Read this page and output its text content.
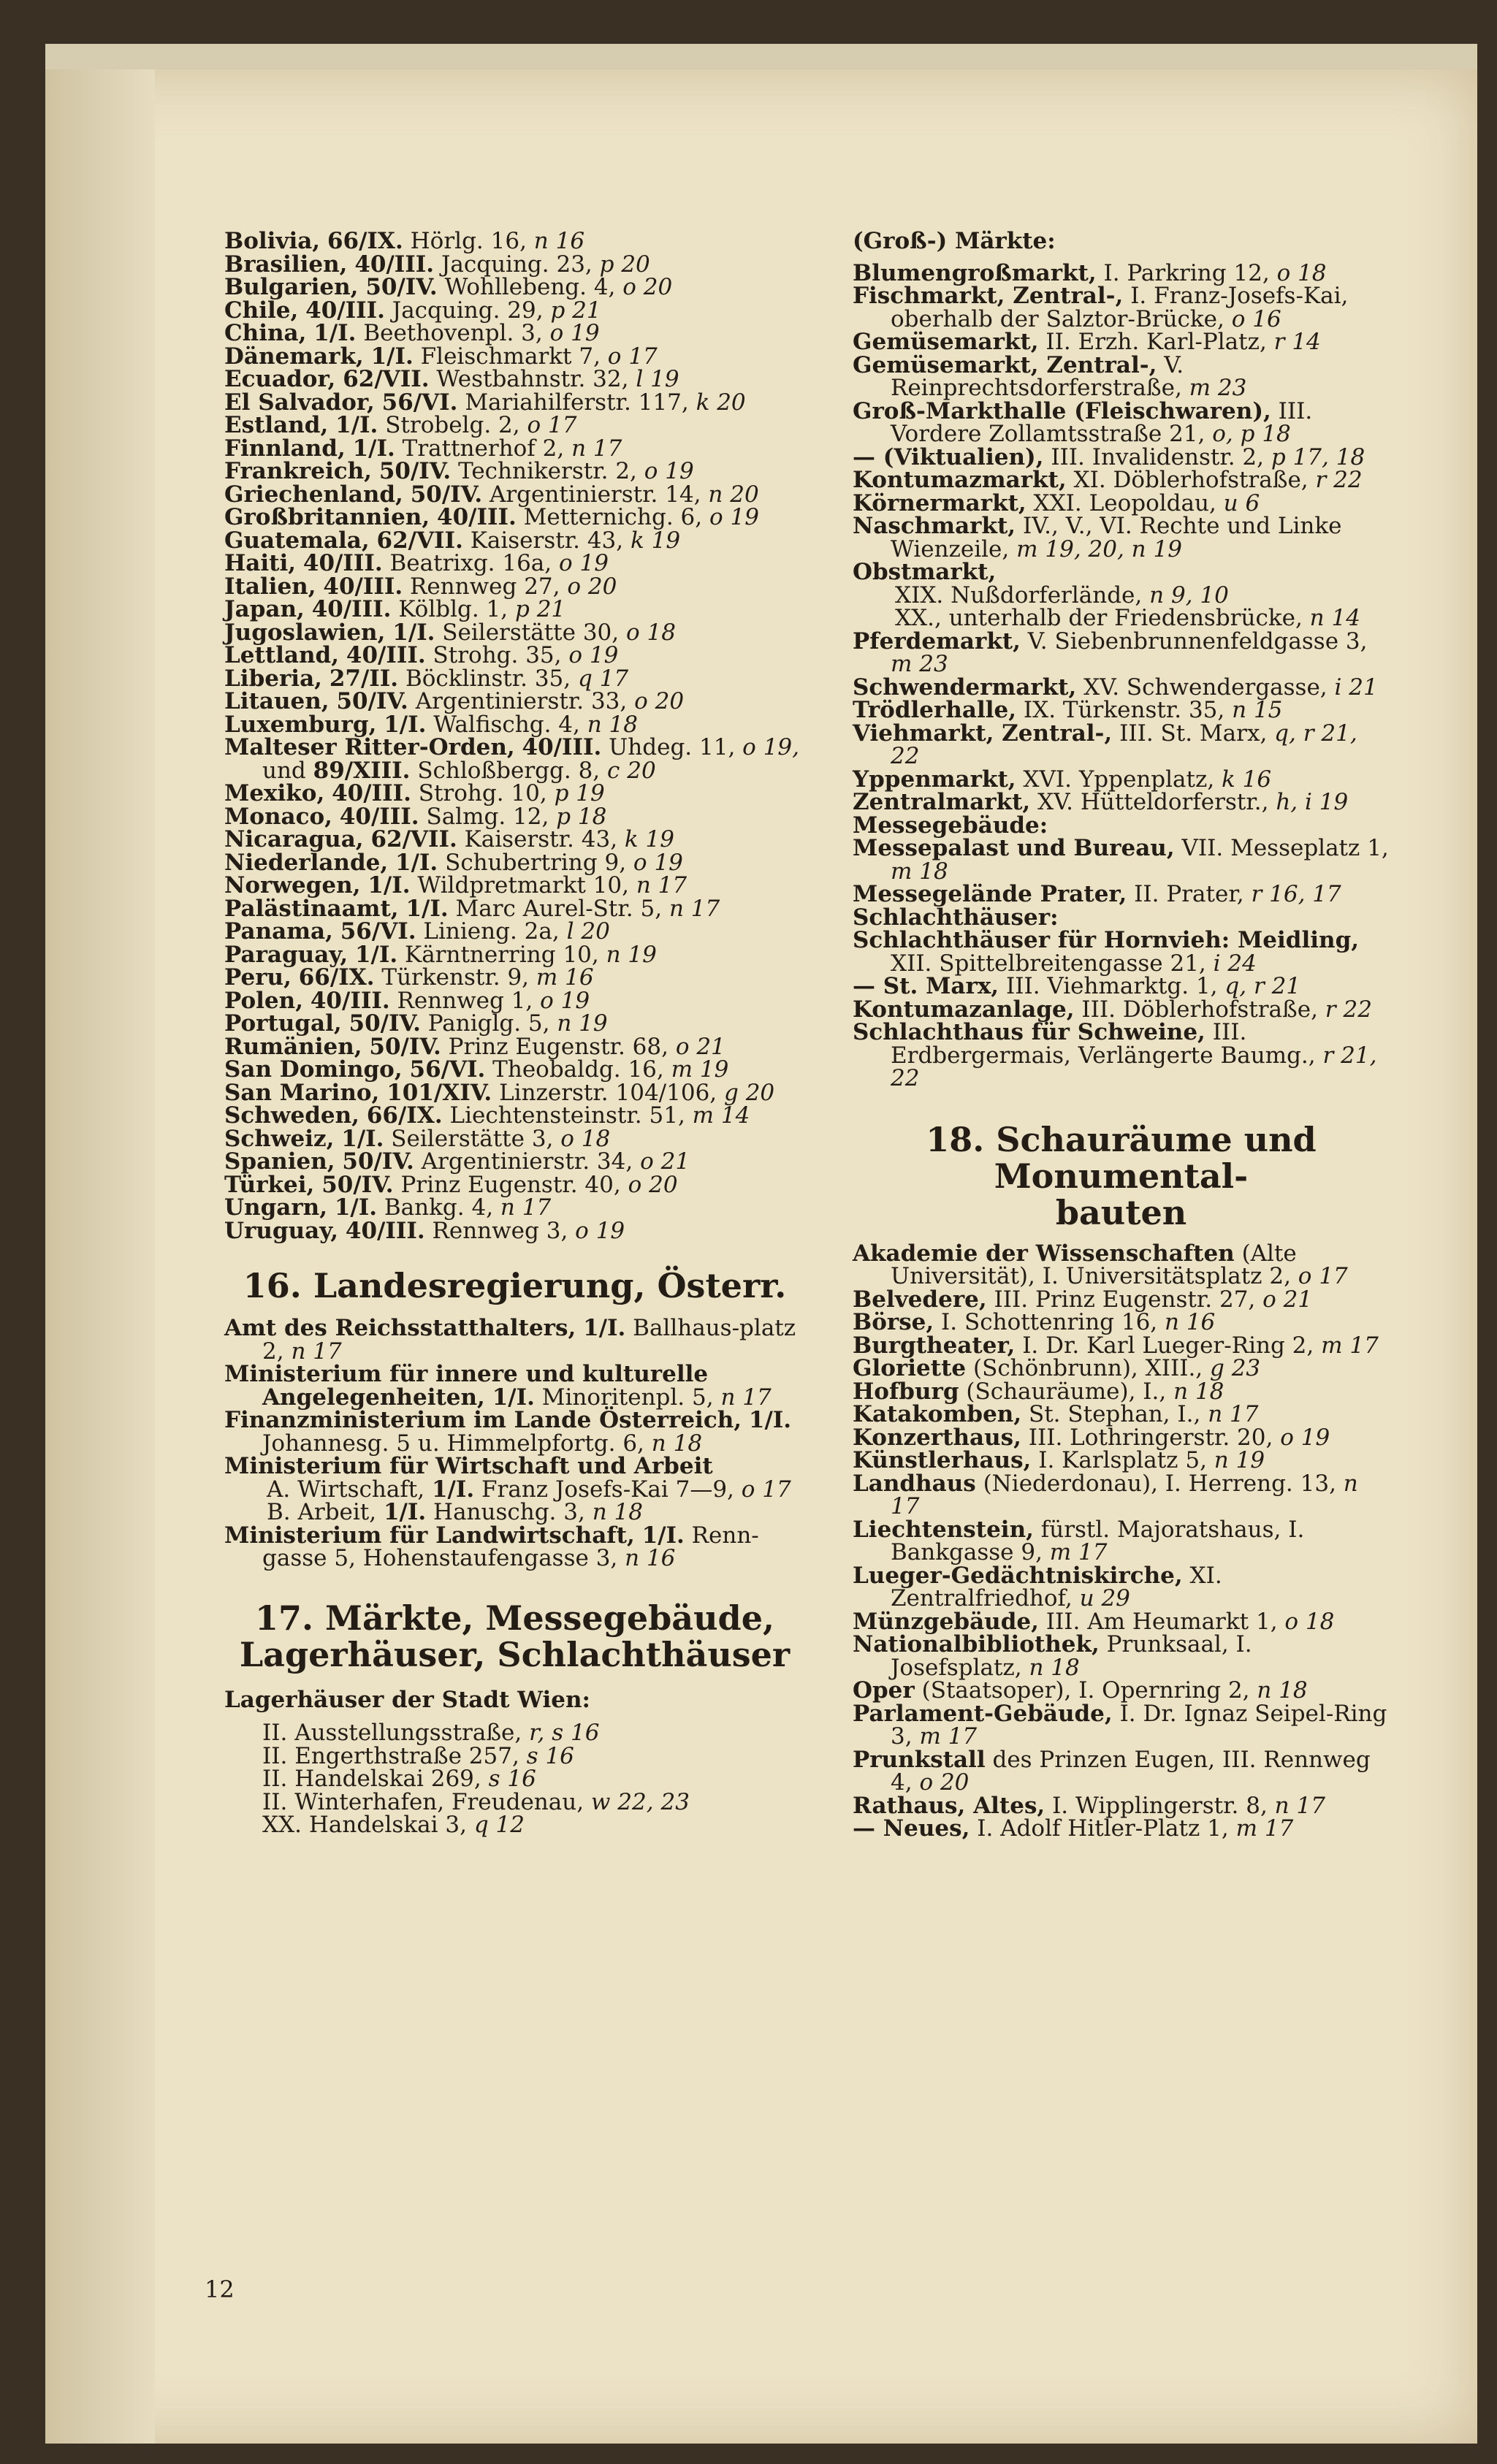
Bolivia, 66/IX. Hörlg. 16, n 16

Brasilien, 40/III. Jacquing. 23, p 20

Bulgarien, 50/IV. Wohllebeng. 4, o 20

Chile, 40/III. Jacquing. 29, p 21

China, 1/I. Beethovenpl. 3, o 19

Dänemark, 1/I. Fleischmarkt 7, o 17

Ecuador, 62/VII. Westbahnstr. 32, l 19

El Salvador, 56/VI. Mariahilferstr. 117, k 20

Estland, 1/I. Strobelg. 2, o 17

Finnland, 1/I. Trattnerhof 2, n 17

Frankreich, 50/IV. Technikerstr. 2, o 19

Griechenland, 50/IV. Argentinierstr. 14, n 20

Großbritannien, 40/III. Metternichg. 6, o 19

Guatemala, 62/VII. Kaiserstr. 43, k 19

Haiti, 40/III. Beatrixg. 16a, o 19

Italien, 40/III. Rennweg 27, o 20

Japan, 40/III. Kölblg. 1, p 21

Jugoslawien, 1/I. Seilerstätte 30, o 18

Lettland, 40/III. Strohg. 35, o 19

Liberia, 27/II. Böcklinstr. 35, q 17

Litauen, 50/IV. Argentinierstr. 33, o 20

Luxemburg, 1/I. Walfischg. 4, n 18

Malteser Ritter-Orden, 40/III. Uhdeg. 11, o 19, und 89/XIII. Schloßbergg. 8, c 20

Mexiko, 40/III. Strohg. 10, p 19

Monaco, 40/III. Salmg. 12, p 18

Nicaragua, 62/VII. Kaiserstr. 43, k 19

Niederlande, 1/I. Schubertring 9, o 19

Norwegen, 1/I. Wildpretmarkt 10, n 17

Palästinaamt, 1/I. Marc Aurel-Str. 5, n 17

Panama, 56/VI. Linieng. 2a, l 20

Paraguay, 1/I. Kärntnerring 10, n 19

Peru, 66/IX. Türkenstr. 9, m 16

Polen, 40/III. Rennweg 1, o 19

Portugal, 50/IV. Paniglg. 5, n 19

Rumänien, 50/IV. Prinz Eugenstr. 68, o 21

San Domingo, 56/VI. Theobaldg. 16, m 19

San Marino, 101/XIV. Linzerstr. 104/106, g 20

Schweden, 66/IX. Liechtensteinstr. 51, m 14

Schweiz, 1/I. Seilerstätte 3, o 18

Spanien, 50/IV. Argentinierstr. 34, o 21

Türkei, 50/IV. Prinz Eugenstr. 40, o 20

Ungarn, 1/I. Bankg. 4, n 17

Uruguay, 40/III. Rennweg 3, o 19

16. Landesregierung, Österr.

Amt des Reichsstatthalters, 1/I. Ballhaus-platz 2, n 17

Ministerium für innere und kulturelle Angelegenheiten, 1/I. Minoritenpl. 5, n 17

Finanzministerium im Lande Österreich, 1/I. Johannesg. 5 u. Himmelpfortg. 6, n 18

Ministerium für Wirtschaft und Arbeit

A. Wirtschaft, 1/I. Franz Josefs-Kai 7—9, o 17

B. Arbeit, 1/I. Hanuschg. 3, n 18

Ministerium für Landwirtschaft, 1/I. Renn-gasse 5, Hohenstaufengasse 3, n 16

17. Märkte, Messegebäude,

Lagerhäuser, Schlachthäuser

Lagerhäuser der Stadt Wien:

II. Ausstellungsstraße, r, s 16

II. Engerthstraße 257, s 16

II. Handelskai 269, s 16

II. Winterhafen, Freudenau, w 22, 23

XX. Handelskai 3, q 12

(Groß-) Märkte:

Blumengroßmarkt, I. Parkring 12, o 18

Fischmarkt, Zentral-, I. Franz-Josefs-Kai, oberhalb der Salztor-Brücke, o 16

Gemüsemarkt, II. Erzh. Karl-Platz, r 14

Gemüsemarkt, Zentral-, V. Reinprechtsdorferstraße, m 23

Groß-Markthalle (Fleischwaren), III. Vordere Zollamtsstraße 21, o, p 18

— (Viktualien), III. Invalidenstr. 2, p 17, 18

Kontumazmarkt, XI. Döblerhofstraße, r 22

Körnermarkt, XXI. Leopoldau, u 6

Naschmarkt, IV., V., VI. Rechte und Linke Wienzeile, m 19, 20, n 19

Obstmarkt,

XIX. Nußdorferlände, n 9, 10

XX., unterhalb der Friedensbrücke, n 14

Pferdemarkt, V. Siebenbrunnenfeldgasse 3, m 23

Schwendermarkt, XV. Schwendergasse, i 21

Trödlerhalle, IX. Türkenstr. 35, n 15

Viehmarkt, Zentral-, III. St. Marx, q, r 21, 22

Yppenmarkt, XVI. Yppenplatz, k 16

Zentralmarkt, XV. Hütteldorferstr., h, i 19

Messegebäude:

Messepalast und Bureau, VII. Messeplatz 1, m 18

Messegelände Prater, II. Prater, r 16, 17

Schlachthäuser:

Schlachthäuser für Hornvieh: Meidling, XII. Spittelbreitengasse 21, i 24

— St. Marx, III. Viehmarktg. 1, q, r 21

Kontumazanlage, III. Döblerhofstraße, r 22

Schlachthaus für Schweine, III. Erdbergermais, Verlängerte Baumg., r 21, 22

18. Schauräume und Monumental-

bauten

Akademie der Wissenschaften (Alte Universität), I. Universitätsplatz 2, o 17

Belvedere, III. Prinz Eugenstr. 27, o 21

Börse, I. Schottenring 16, n 16

Burgtheater, I. Dr. Karl Lueger-Ring 2, m 17

Gloriette (Schönbrunn), XIII., g 23

Hofburg (Schauräume), I., n 18

Katakomben, St. Stephan, I., n 17

Konzerthaus, III. Lothringerstr. 20, o 19

Künstlerhaus, I. Karlsplatz 5, n 19

Landhaus (Niederdonau), I. Herreng. 13, n 17

Liechtenstein, fürstl. Majoratshaus, I. Bankgasse 9, m 17

Lueger-Gedächtniskirche, XI. Zentralfriedhof, u 29

Münzgebäude, III. Am Heumarkt 1, o 18

Nationalbibliothek, Prunksaal, I. Josefsplatz, n 18

Oper (Staatsoper), I. Opernring 2, n 18

Parlament-Gebäude, I. Dr. Ignaz Seipel-Ring 3, m 17

Prunkstall des Prinzen Eugen, III. Rennweg 4, o 20

Rathaus, Altes, I. Wipplingerstr. 8, n 17

— Neues, I. Adolf Hitler-Platz 1, m 17

12
